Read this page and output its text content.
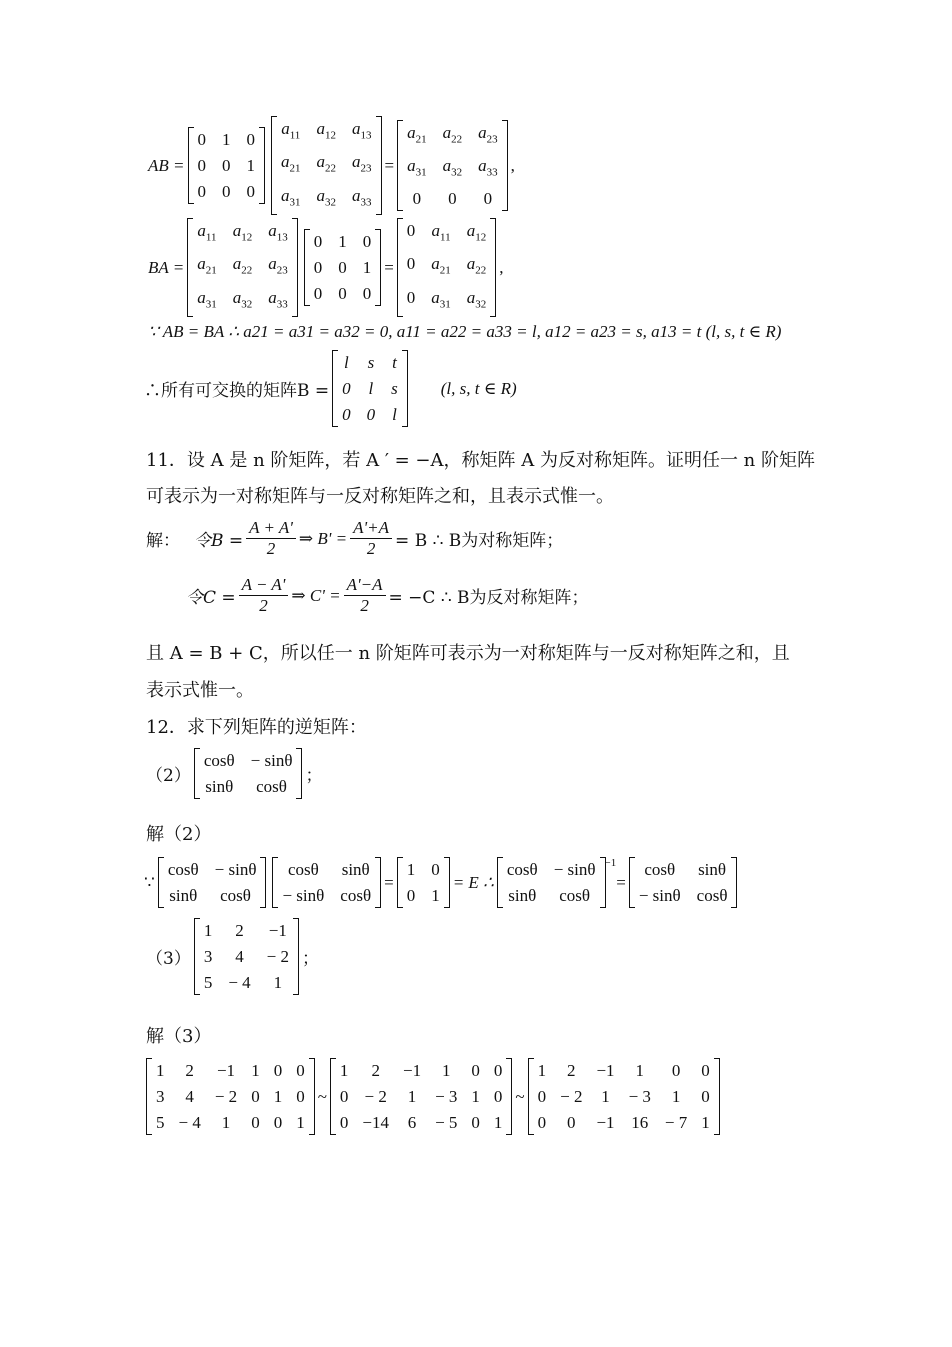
AB =
0 1 0
0 0 1
0 0 0
$a_{11}$ $a_{12}$ $a_{13}$
$a_{21}$ $a_{22}$ $a_{23}$
$a_{31}$ $a_{32}$ $a_{33}$
=
$a_{21}$ $a_{22}$ $a_{23}$
$a_{31}$ $a_{32}$ $a_{33}$
0	0	0
,
BA =
$a_{11}$ $a_{12}$ $a_{13}$
$a_{21}$ $a_{22}$ $a_{23}$
$a_{31}$ $a_{32}$ $a_{33}$
0 1 0
0 0 1
0 0 0
=
0 $a_{11}$ $a_{12}$
0 $a_{21}$ $a_{22}$
0 $a_{31}$ $a_{32}$
,
∵ AB = BA ∴ a21 = a31 = a32 = 0, a11 = a22 = a33 = l, a12 = a23 = s, a13 = t (l, s, t ∈ R)
∴所有可交换的矩阵B =
l s t
0 l s
0 0 l
(l, s, t ∈ R)
11．设 A 是 n 阶矩阵，若 A ′ = −A，称矩阵 A 为反对称矩阵。证明任一 n 阶矩阵
可表示为一对称矩阵与一反对称矩阵之和，且表示式惟一。
解： 令$B = \frac{A + A'}{2}$ ⇒ $B' = \frac{A'+A}{2} = B$ ∴ B为对称矩阵；
令$C = \frac{A - A'}{2}$ ⇒ $C' = \frac{A'-A}{2} = -C$ ∴ B为反对称矩阵；
且 A = B + C，所以任一 n 阶矩阵可表示为一对称矩阵与一反对称矩阵之和，且
表示式惟一。
12．求下列矩阵的逆矩阵：
（2）
cosθ − sinθ
sinθ	cosθ
；
解（2）
∵
cosθ − sinθ
sinθ	cosθ
cosθ	sinθ
− sinθ cosθ
=
1 0
0 1
= E ∴
cosθ − sinθ
sinθ	cosθ
$^{-1}$
=
cosθ	sinθ
− sinθ cosθ
（3）
1	2	−1
3	4	− 2
5 − 4	1
；
解（3）
1	2	−1 1 0 0
3	4	− 2 0 1 0
5 − 4	1	0 0 1
~
1	2	−1	1	0 0
0 − 2 1 − 3 1 0
0 −14 6 − 5 0 1
~
1	2	−1	1	0	0
0 − 2 1 − 3	1	0
0	0	−1 16 − 7 1
